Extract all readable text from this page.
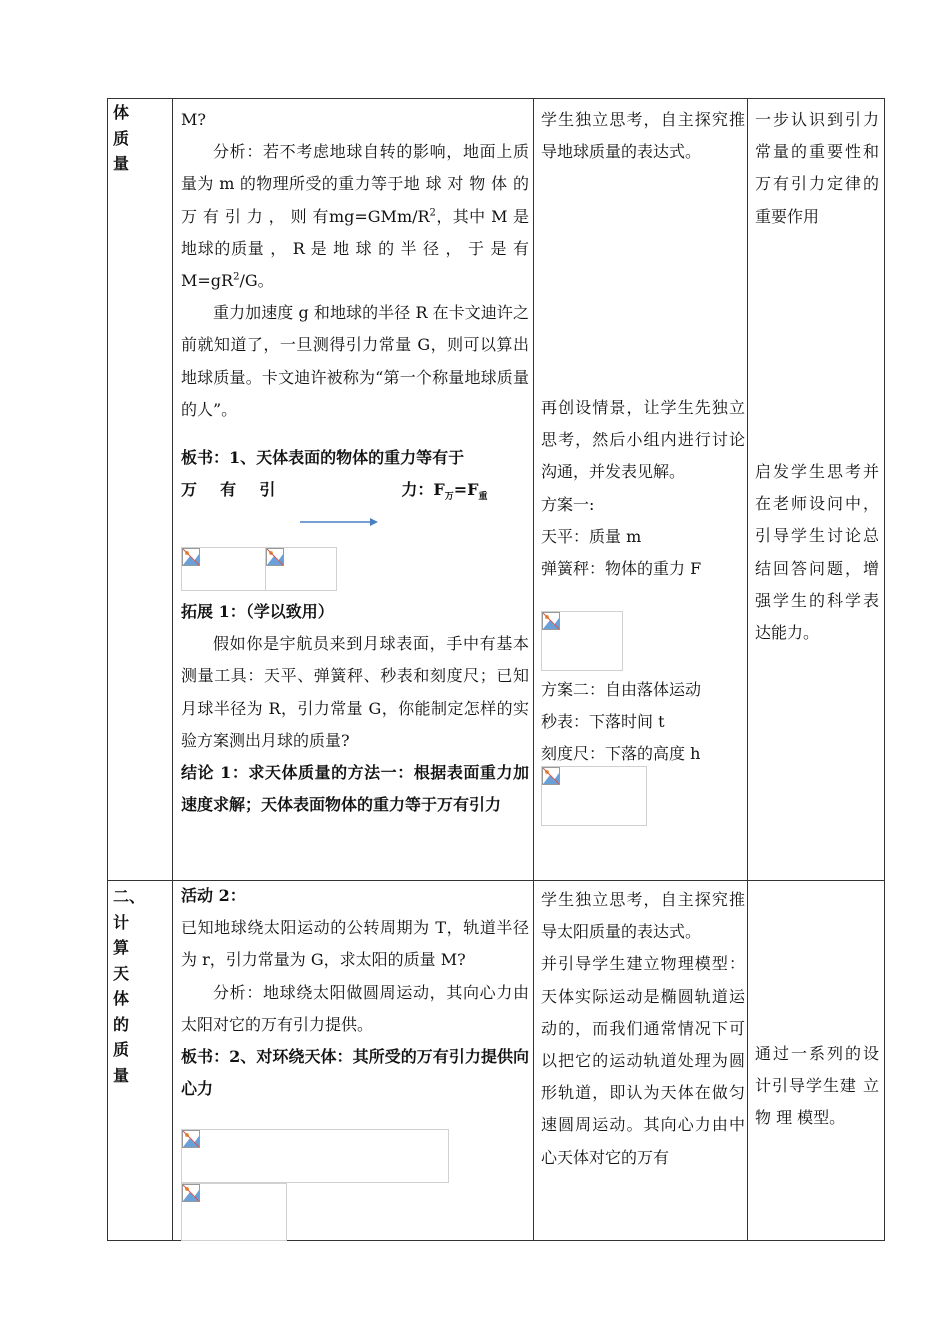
体质量

M?

分析：若不考虑地球自转的影响，地面上质量为 m 的物理所受的重力等于地 球 对 物 体 的 万 有 引 力 ， 则 有$mg=GMm/R^2$，其中 M 是地球的质量 ， R 是 地 球 的 半 径 ， 于 是 有$M=gR^2/G$。

重力加速度 g 和地球的半径 R 在卡文迪许之前就知道了，一旦测得引力常量 G，则可以算出地球质量。卡文迪许被称为“第一个称量地球质量的人”。

板书：1、天体表面的物体的重力等有于

万 有 引	力：$F_万=F_重$

拓展 1：（学以致用）

假如你是宇航员来到月球表面，手中有基本测量工具：天平、弹簧秤、秒表和刻度尺；已知月球半径为 R，引力常量 G，你能制定怎样的实验方案测出月球的质量?

结论 1：求天体质量的方法一：根据表面重力加速度求解；天体表面物体的重力等于万有引力

学生独立思考，自主探究推导地球质量的表达式。

再创设情景，让学生先独立思考，然后小组内进行讨论沟通，并发表见解。

方案一:

天平：质量 m

弹簧秤：物体的重力 F

方案二：自由落体运动

秒表：下落时间 t

刻度尺：下落的高度 h

一步认识到引力常量的重要性和万有引力定律的重要作用
启发学生思考并在老师设问中，引导学生讨论总结回答问题，增强学生的科学表达能力。
二、计算天体的质量

活动 2：

已知地球绕太阳运动的公转周期为 T，轨道半径为 r，引力常量为 G，求太阳的质量 M?

分析：地球绕太阳做圆周运动，其向心力由太阳对它的万有引力提供。

板书：2、对环绕天体：其所受的万有引力提供向心力

学生独立思考，自主探究推导太阳质量的表达式。

并引导学生建立物理模型：天体实际运动是椭圆轨道运动的，而我们通常情况下可以把它的运动轨道处理为圆形轨道，即认为天体在做匀速圆周运动。其向心力由中心天体对它的万有

通过一系列的设计引导学生建 立 物 理 模型。
